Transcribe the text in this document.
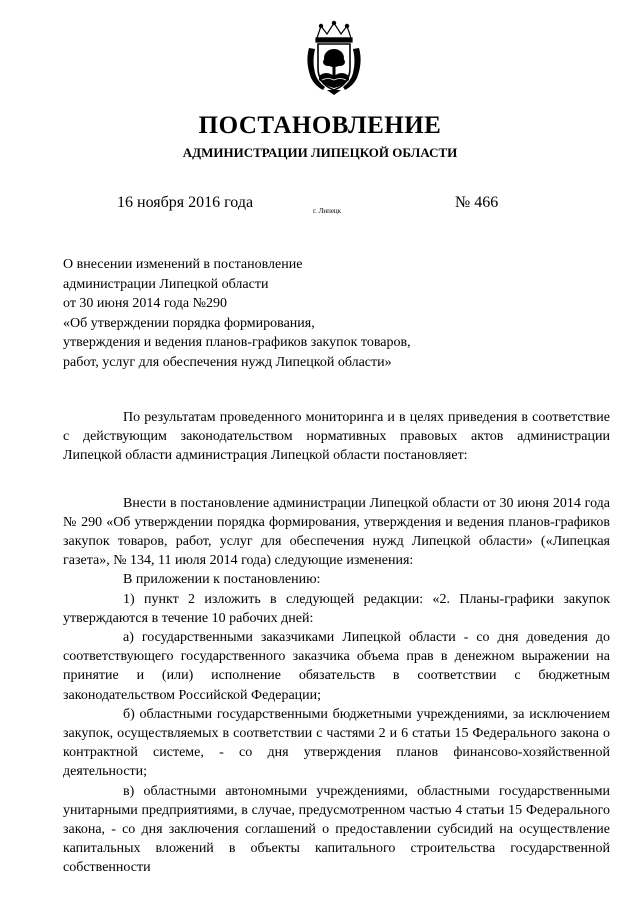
ПОСТАНОВЛЕНИЕ
АДМИНИСТРАЦИИ ЛИПЕЦКОЙ ОБЛАСТИ
16 ноября 2016 года	г. Липецк	№ 466
О внесении изменений в постановление
администрации Липецкой области
от 30 июня 2014 года №290
«Об утверждении порядка формирования,
утверждения и ведения планов-графиков закупок товаров,
работ, услуг для обеспечения нужд Липецкой области»

По результатам проведенного мониторинга и в целях приведения в соответствие с действующим законодательством нормативных правовых актов администрации Липецкой области администрация Липецкой области постановляет:

Внести в постановление администрации Липецкой области от 30 июня 2014 года № 290 «Об утверждении порядка формирования, утверждения и ведения планов-графиков закупок товаров, работ, услуг для обеспечения нужд Липецкой области» («Липецкая газета», № 134, 11 июля 2014 года) следующие изменения:

В приложении к постановлению:

1) пункт 2 изложить в следующей редакции: «2. Планы-графики закупок утверждаются в течение 10 рабочих дней:

а) государственными заказчиками Липецкой области - со дня доведения до соответствующего государственного заказчика объема прав в денежном выражении на принятие и (или) исполнение обязательств в соответствии с бюджетным законодательством Российской Федерации;

б) областными государственными бюджетными учреждениями, за исключением закупок, осуществляемых в соответствии с частями 2 и 6 статьи 15 Федерального закона о контрактной системе, - со дня утверждения планов финансово-хозяйственной деятельности;

в) областными автономными учреждениями, областными государственными унитарными предприятиями, в случае, предусмотренном частью 4 статьи 15 Федерального закона, - со дня заключения соглашений о предоставлении субсидий на осуществление капитальных вложений в объекты капитального строительства государственной собственности
